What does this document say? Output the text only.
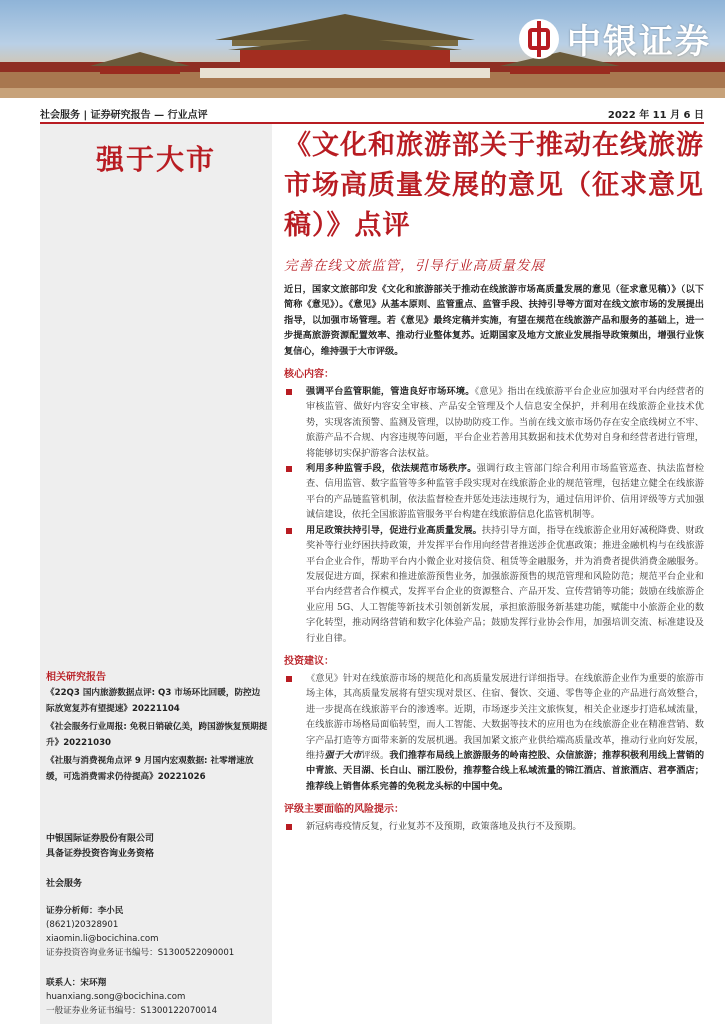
中银证券
社会服务 | 证券研究报告 — 行业点评	2022 年 11 月 6 日
强于大市
相关研究报告
《22Q3 国内旅游数据点评: Q3 市场环比回暖，防控边际放宽复苏有望提速》20221104
《社会服务行业周报: 免税日销破亿美，跨国游恢复预期提升》20221030
《社服与消费视角点评 9 月国内宏观数据: 社零增速放缓，可选消费需求仍待提高》20221026
中银国际证券股份有限公司
具备证券投资咨询业务资格
社会服务
证券分析师：李小民
(8621)20328901
xiaomin.li@bocichina.com
证券投资咨询业务证书编号：S1300522090001
联系人：宋环翔
huanxiang.song@bocichina.com
一般证券业务证书编号：S1300122070014
《文化和旅游部关于推动在线旅游市场高质量发展的意见（征求意见稿）》点评
完善在线文旅监管，引导行业高质量发展
近日，国家文旅部印发《文化和旅游部关于推动在线旅游市场高质量发展的意见（征求意见稿）》（以下简称《意见》）。《意见》从基本原则、监管重点、监管手段、扶持引导等方面对在线文旅市场的发展提出指导，以加强市场管理。若《意见》最终定稿并实施，有望在规范在线旅游产品和服务的基础上，进一步提高旅游资源配置效率、推动行业整体复苏。近期国家及地方文旅业发展指导政策频出，增强行业恢复信心，维持强于大市评级。
核心内容：
强调平台监管职能，管造良好市场环境。《意见》指出在线旅游平台企业应加强对平台内经营者的审核监管、做好内容安全审核、产品安全管理及个人信息安全保护，并利用在线旅游企业技术优势，实现客流预警、监测及管理，以协助防疫工作。当前在线文旅市场仍存在安全底线树立不牢、旅游产品不合规、内容违规等问题，平台企业若善用其数据和技术优势对自身和经营者进行管理，将能够切实保护游客合法权益。
利用多种监管手段，依法规范市场秩序。强调行政主管部门综合利用市场监管巡查、执法监督检查、信用监管、数字监管等多种监管手段实现对在线旅游企业的规范管理，包括建立健全在线旅游平台的产品链监管机制，依法监督检查并惩处违法违规行为，通过信用评价、信用评级等方式加强诚信建设，依托全国旅游监管服务平台构建在线旅游信息化监管机制等。
用足政策扶持引导，促进行业高质量发展。扶持引导方面，指导在线旅游企业用好减税降费、财政奖补等行业纾困扶持政策，并发挥平台作用向经营者推送涉企优惠政策；推进金融机构与在线旅游平台企业合作，帮助平台内小微企业对接信贷、租赁等金融服务，并为消费者提供消费金融服务。发展促进方面，探索和推进旅游预售业务，加强旅游预售的规范管理和风险防范；规范平台企业和平台内经营者合作模式，发挥平台企业的资源整合、产品开发、宣传营销等功能；鼓励在线旅游企业应用 5G、人工智能等新技术引领创新发展，承担旅游服务新基建功能，赋能中小旅游企业的数字化转型，推动网络营销和数字化体验产品；鼓励发挥行业协会作用，加强培训交流、标准建设及行业自律。
投资建议：
《意见》针对在线旅游市场的规范化和高质量发展进行详细指导。在线旅游企业作为重要的旅游市场主体，其高质量发展将有望实现对景区、住宿、餐饮、交通、零售等企业的产品进行高效整合，进一步提高在线旅游平台的渗透率。近期，市场逐步关注文旅恢复，相关企业逐步打造私域流量，在线旅游市场格局面临转型，而人工智能、大数据等技术的应用也为在线旅游企业在精准营销、数字产品打造等方面带来新的发展机遇。我国加紧文旅产业供给端高质量改革，推动行业向好发展，维持强于大市评级。我们推荐布局线上旅游服务的岭南控股、众信旅游；推荐积极利用线上营销的中青旅、天目湖、长白山、丽江股份，推荐整合线上私域流量的锦江酒店、首旅酒店、君亭酒店；推荐线上销售体系完善的免税龙头标的中国中免。
评级主要面临的风险提示：
新冠病毒疫情反复，行业复苏不及预期，政策落地及执行不及预期。
